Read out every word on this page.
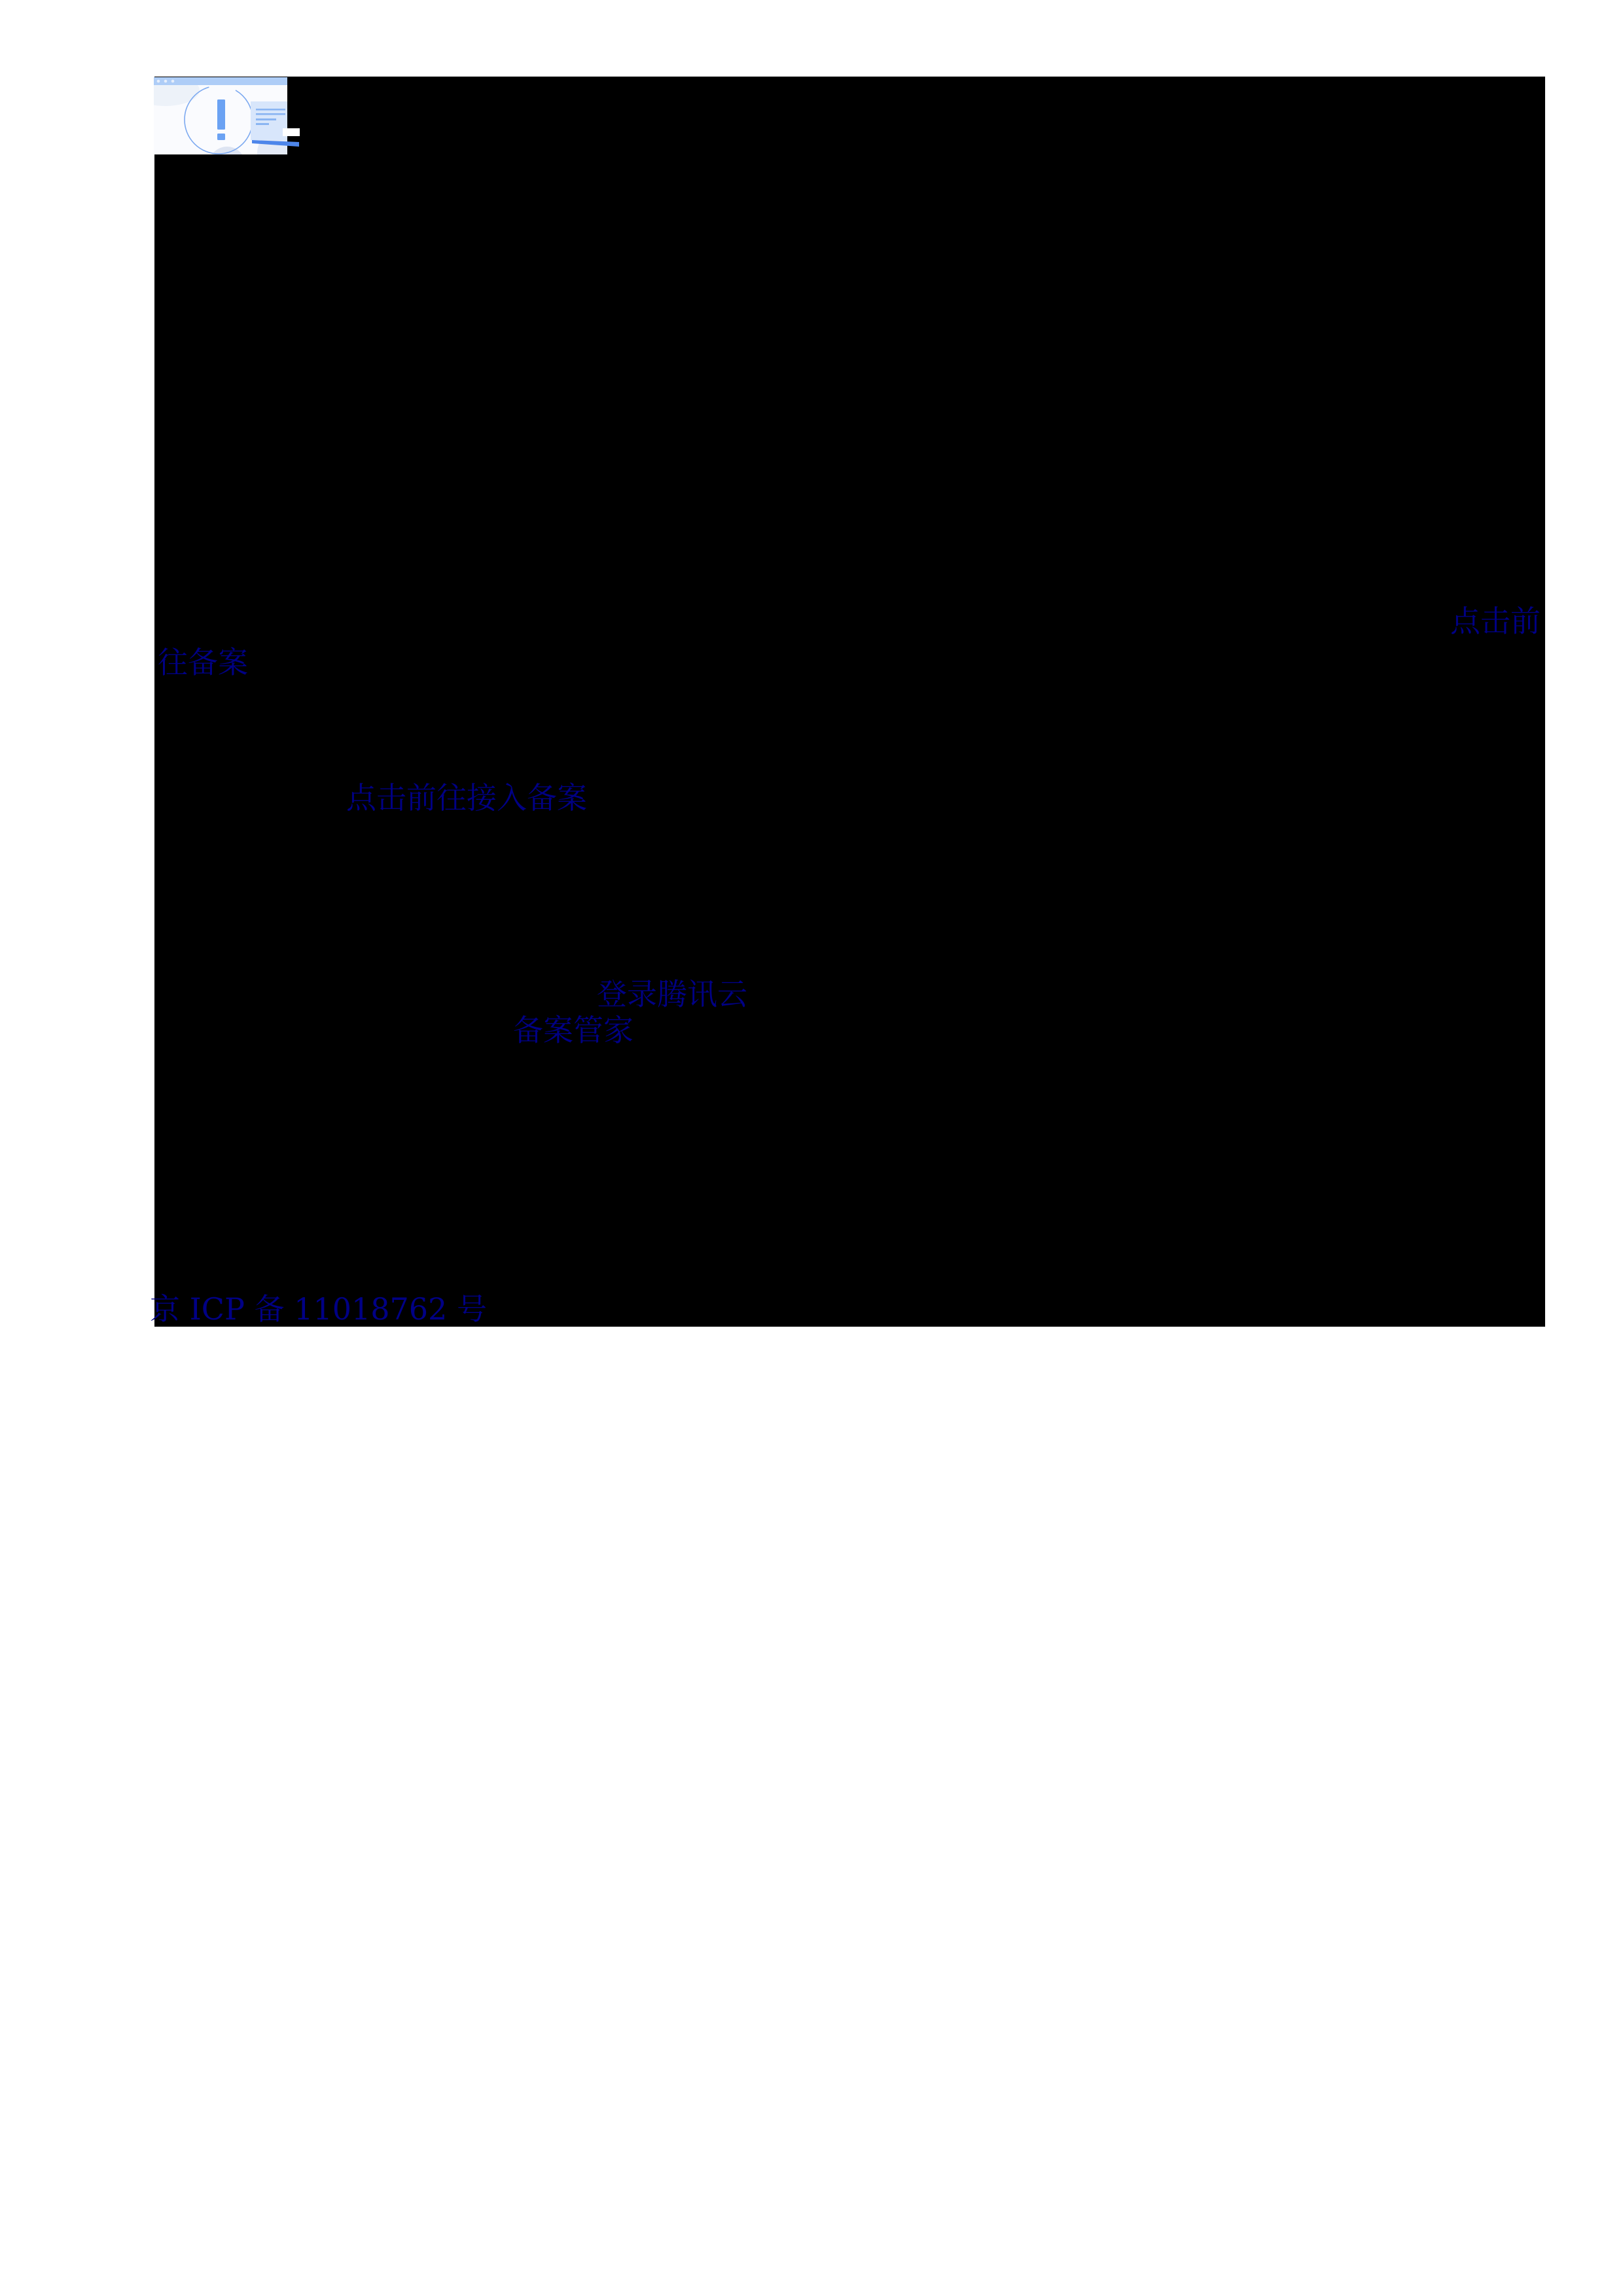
点击前
往备案
点击前往接入备案
登录腾讯云
备案管家
京 ICP 备 11018762 号
